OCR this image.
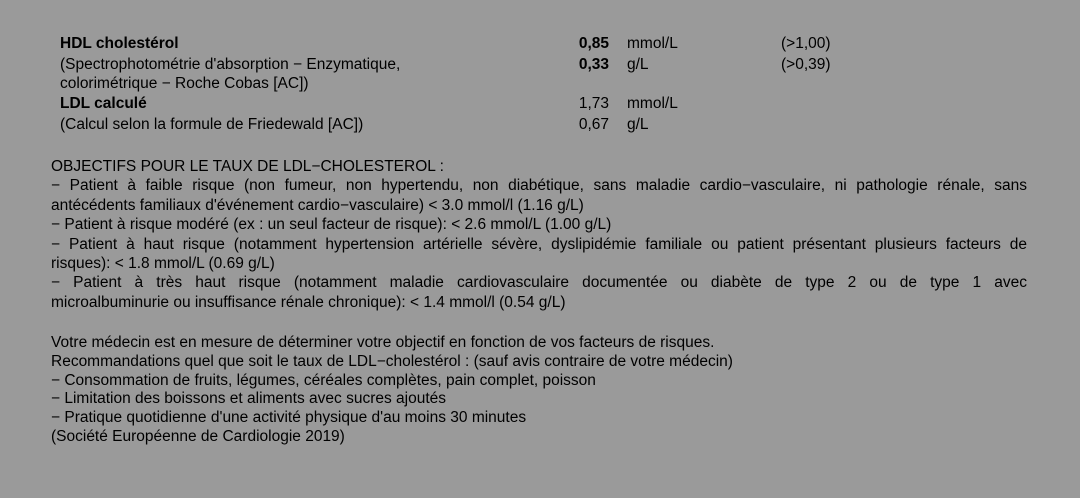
HDL cholestérol	0,85 mmol/L	(>1,00)
(Spectrophotométrie d'absorption − Enzymatique,	0,33 g/L	(>0,39)
colorimétrique − Roche Cobas [AC])
LDL calculé	1,73 mmol/L
(Calcul selon la formule de Friedewald [AC])	0,67 g/L
OBJECTIFS POUR LE TAUX DE LDL−CHOLESTEROL :
− Patient à faible risque (non fumeur, non hypertendu, non diabétique, sans maladie cardio−vasculaire, ni pathologie rénale, sans
antécédents familiaux d'événement cardio−vasculaire) < 3.0 mmol/l (1.16 g/L)
− Patient à risque modéré (ex : un seul facteur de risque): < 2.6 mmol/L (1.00 g/L)
− Patient à haut risque (notamment hypertension artérielle sévère, dyslipidémie familiale ou patient présentant plusieurs facteurs de
risques): < 1.8 mmol/L (0.69 g/L)
− Patient à très haut risque (notamment maladie cardiovasculaire documentée ou diabète de type 2 ou de type 1 avec
microalbuminurie ou insuffisance rénale chronique): < 1.4 mmol/l (0.54 g/L)
Votre médecin est en mesure de déterminer votre objectif en fonction de vos facteurs de risques.
Recommandations quel que soit le taux de LDL−cholestérol : (sauf avis contraire de votre médecin)
− Consommation de fruits, légumes, céréales complètes, pain complet, poisson
− Limitation des boissons et aliments avec sucres ajoutés
− Pratique quotidienne d'une activité physique d'au moins 30 minutes
(Société Européenne de Cardiologie 2019)
